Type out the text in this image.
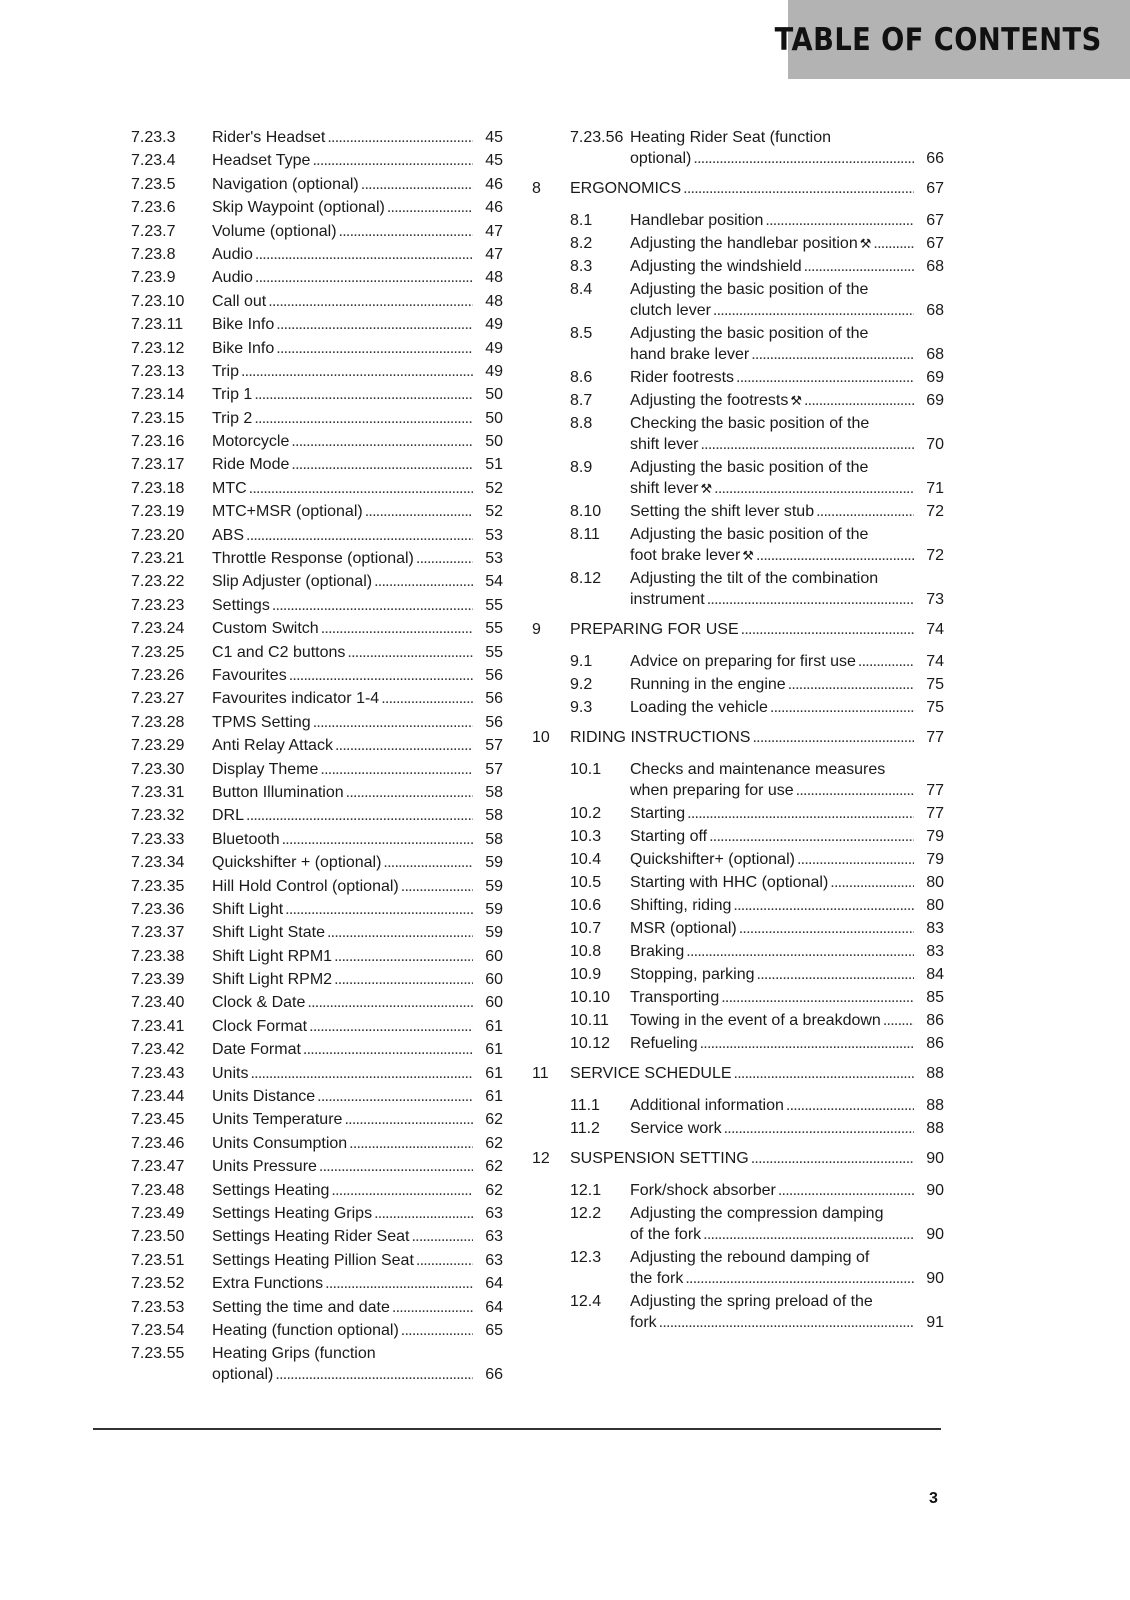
TABLE OF CONTENTS
7.23.3 Rider's Headset . . .	45
7.23.4 Headset Type . . .	45
7.23.5 Navigation (optional) . . .	46
7.23.6 Skip Waypoint (optional) . . .	46
7.23.7 Volume (optional) . . .	47
7.23.8 Audio . . .	47
7.23.9 Audio . . .	48
7.23.10 Call out . . .	48
7.23.11 Bike Info . . .	49
7.23.12 Bike Info . . .	49
7.23.13 Trip . . .	49
7.23.14 Trip 1 . . .	50
7.23.15 Trip 2 . . .	50
7.23.16 Motorcycle . . .	50
7.23.17 Ride Mode . . .	51
7.23.18 MTC . . .	52
7.23.19 MTC+MSR (optional) . . .	52
7.23.20 ABS . . .	53
7.23.21 Throttle Response (optional) . . .	53
7.23.22 Slip Adjuster (optional) . . .	54
7.23.23 Settings . . .	55
7.23.24 Custom Switch . . .	55
7.23.25 C1 and C2 buttons . . .	55
7.23.26 Favourites . . .	56
7.23.27 Favourites indicator 1-4 . . .	56
7.23.28 TPMS Setting . . .	56
7.23.29 Anti Relay Attack . . .	57
7.23.30 Display Theme . . .	57
7.23.31 Button Illumination . . .	58
7.23.32 DRL . . .	58
7.23.33 Bluetooth . . .	58
7.23.34 Quickshifter + (optional) . . .	59
7.23.35 Hill Hold Control (optional) . . .	59
7.23.36 Shift Light . . .	59
7.23.37 Shift Light State . . .	59
7.23.38 Shift Light RPM1 . . .	60
7.23.39 Shift Light RPM2 . . .	60
7.23.40 Clock & Date . . .	60
7.23.41 Clock Format . . .	61
7.23.42 Date Format . . .	61
7.23.43 Units . . .	61
7.23.44 Units Distance . . .	61
7.23.45 Units Temperature . . .	62
7.23.46 Units Consumption . . .	62
7.23.47 Units Pressure . . .	62
7.23.48 Settings Heating . . .	62
7.23.49 Settings Heating Grips . . .	63
7.23.50 Settings Heating Rider Seat . . .	63
7.23.51 Settings Heating Pillion Seat . . .	63
7.23.52 Extra Functions . . .	64
7.23.53 Setting the time and date . . .	64
7.23.54 Heating (function optional) . . .	65
7.23.55 Heating Grips (function
optional) . . .	66
7.23.56 Heating Rider Seat (function
optional) . . .	66
8 ERGONOMICS . . .	67
8.1 Handlebar position . . .	67
8.2 Adjusting the handlebar position ⚒ . . .	67
8.3 Adjusting the windshield . . .	68
8.4 Adjusting the basic position of the
clutch lever . . .	68
8.5 Adjusting the basic position of the
hand brake lever . . .	68
8.6 Rider footrests . . .	69
8.7 Adjusting the footrests ⚒ . . .	69
8.8 Checking the basic position of the
shift lever . . .	70
8.9 Adjusting the basic position of the
shift lever ⚒ . . .	71
8.10 Setting the shift lever stub . . .	72
8.11 Adjusting the basic position of the
foot brake lever ⚒ . . .	72
8.12 Adjusting the tilt of the combination
instrument . . .	73
9 PREPARING FOR USE . . .	74
9.1 Advice on preparing for first use . . .	74
9.2 Running in the engine . . .	75
9.3 Loading the vehicle . . .	75
10 RIDING INSTRUCTIONS . . .	77
10.1 Checks and maintenance measures
when preparing for use . . .	77
10.2 Starting . . .	77
10.3 Starting off . . .	79
10.4 Quickshifter+ (optional) . . .	79
10.5 Starting with HHC (optional) . . .	80
10.6 Shifting, riding . . .	80
10.7 MSR (optional) . . .	83
10.8 Braking . . .	83
10.9 Stopping, parking . . .	84
10.10 Transporting . . .	85
10.11 Towing in the event of a breakdown . . .	86
10.12 Refueling . . .	86
11 SERVICE SCHEDULE . . .	88
11.1 Additional information . . .	88
11.2 Service work . . .	88
12 SUSPENSION SETTING . . .	90
12.1 Fork/shock absorber . . .	90
12.2 Adjusting the compression damping
of the fork . . .	90
12.3 Adjusting the rebound damping of
the fork . . .	90
12.4 Adjusting the spring preload of the
fork . . .	91
3
